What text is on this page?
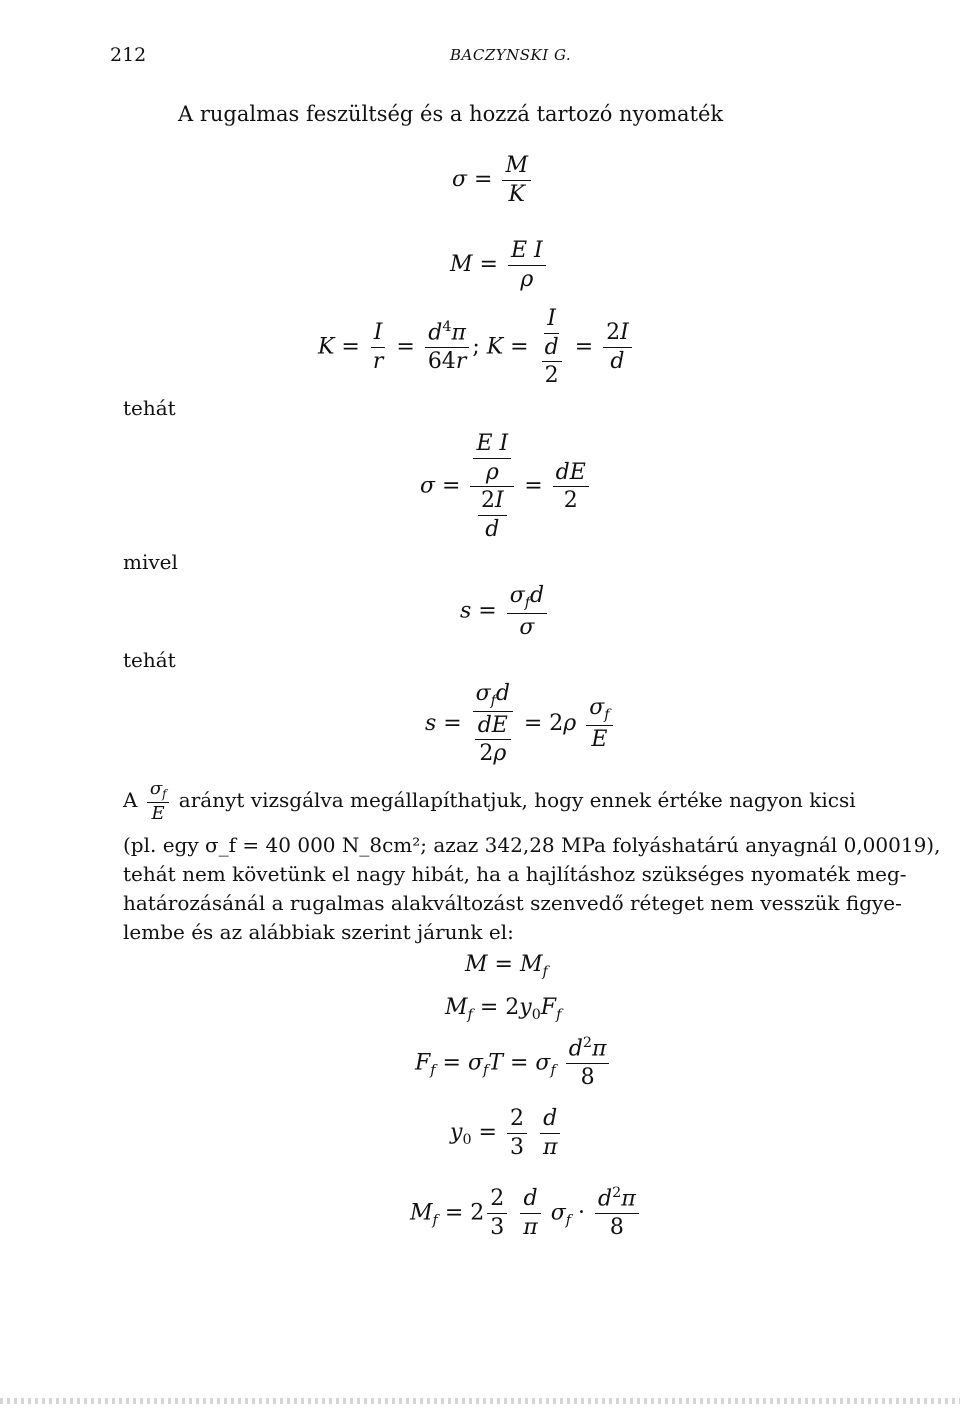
212	BACZYNSKI G.
A rugalmas feszültség és a hozzá tartozó nyomaték
$\sigma = \frac{M}{K}$
$M = \frac{\text{E I}}{\rho}$
$K = \frac{I}{r} = \frac{d^4\pi}{64r}$ ; $K = \frac{I}{\frac{d}{2}} = \frac{2I}{d}$
tehát
$\sigma = \frac{\frac{\text{E I}}{\rho}}{\frac{2I}{d}} = \frac{dE}{2}$
mivel
$s = \frac{\sigma_fd}{\sigma}$
tehát
$s = \frac{\sigma_fd}{\frac{dE}{2\rho}} = 2\rho \frac{\sigma_f}{E}$
A $\frac{\sigma_f}{E}$ arányt vizsgálva megállapíthatjuk, hogy ennek értéke nagyon kicsi
(pl. egy σ_f = 40 000 N_8cm²; azaz 342,28 MPa folyáshatárú anyagnál 0,00019),
tehát nem követünk el nagy hibát, ha a hajlításhoz szükséges nyomaték meg-
határozásánál a rugalmas alakváltozást szenvedő réteget nem vesszük figye-
lembe és az alábbiak szerint járunk el:
$M = M_f$
$M_f = 2y_0F_f$
$F_f = \sigma_fT = \sigma_f \frac{d^2\pi}{8}$
$y_0 = \frac{2}{3}$
$\frac{d}{\pi}$
$M_f = 2 \frac{2}{3}$
$\frac{d}{\pi} \sigma_f \cdot \frac{d^2\pi}{8}$
